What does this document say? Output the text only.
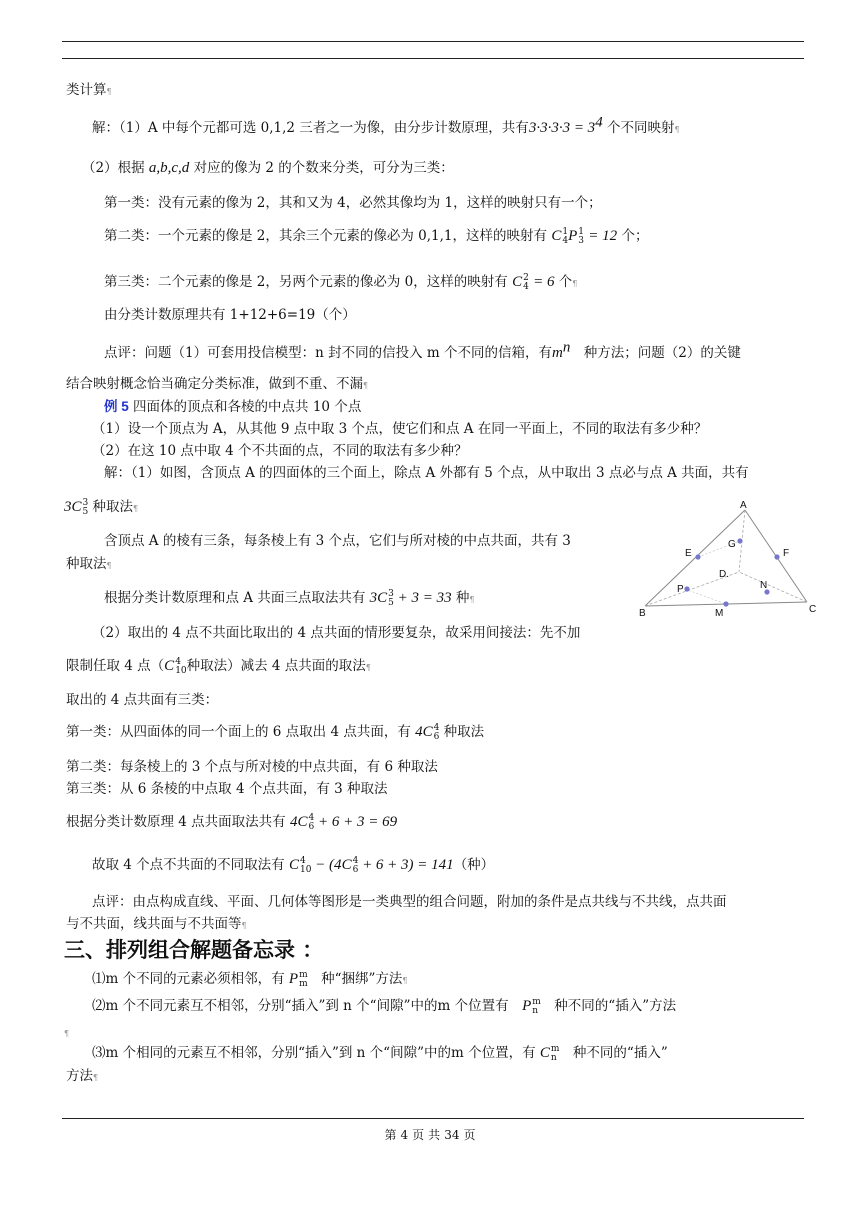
类计算¶
解：（1）A 中每个元都可选 0,1,2 三者之一为像，由分步计数原理，共有$3\cdot 3\cdot 3\cdot 3 = 3^4$ 个不同映射¶
（2）根据 a,b,c,d 对应的像为 2 的个数来分类，可分为三类：
第一类：没有元素的像为 2，其和又为 4，必然其像均为 1，这样的映射只有一个；
第二类：一个元素的像是 2，其余三个元素的像必为 0,1,1，这样的映射有 C 1
4 P 1
3 = 12 个；
第三类：二个元素的像是 2，另两个元素的像必为 0，这样的映射有 C 2
4 = 6 个¶
由分类计数原理共有 1+12+6=19（个）
点评：问题（1）可套用投信模型：n 封不同的信投入 m 个不同的信箱，有$m^n$　种方法；问题（2）的关键
结合映射概念恰当确定分类标准，做到不重、不漏¶
例 5 四面体的顶点和各棱的中点共 10 个点
（1）设一个顶点为 A，从其他 9 点中取 3 个点，使它们和点 A 在同一平面上，不同的取法有多少种？
（2）在这 10 点中取 4 个不共面的点，不同的取法有多少种？
解：（1）如图，含顶点 A 的四面体的三个面上，除点 A 外都有 5 个点，从中取出 3 点必与点 A 共面，共有
3C 3
5 种取法¶
含顶点 A 的棱有三条，每条棱上有 3 个点，它们与所对棱的中点共面，共有 3
种取法¶
根据分类计数原理和点 A 共面三点取法共有 3C 3
5 + 3 = 33 种¶
（2）取出的 4 点不共面比取出的 4 点共面的情形要复杂，故采用间接法：先不加
限制任取 4 点（C 4
10 种取法）减去 4 点共面的取法¶
取出的 4 点共面有三类：
第一类：从四面体的同一个面上的 6 点取出 4 点共面，有 4C 4
6 种取法
第二类：每条棱上的 3 个点与所对棱的中点共面，有 6 种取法
第三类：从 6 条棱的中点取 4 个点共面，有 3 种取法
根据分类计数原理 4 点共面取法共有 4C 4
6 + 6 + 3 = 69
故取 4 个点不共面的不同取法有 C 4
10 − (4C 4
6 + 6 + 3) = 141（种）
点评：由点构成直线、平面、几何体等图形是一类典型的组合问题，附加的条件是点共线与不共线，点共面
与不共面，线共面与不共面等¶
三、排列组合解题备忘录 ：
⑴m 个不同的元素必须相邻，有 P m
m 　种“捆绑”方法¶
⑵m 个不同元素互不相邻，分别“插入”到 n 个“间隙”中的m 个位置有　P m
n 　种不同的“插入”方法
¶
⑶m 个相同的元素互不相邻，分别“插入”到 n 个“间隙”中的m 个位置，有 C m
n 　种不同的“插入”
方法¶
A
B	C
D.
E	F
G
M
N
P
第 4 页 共 34 页
